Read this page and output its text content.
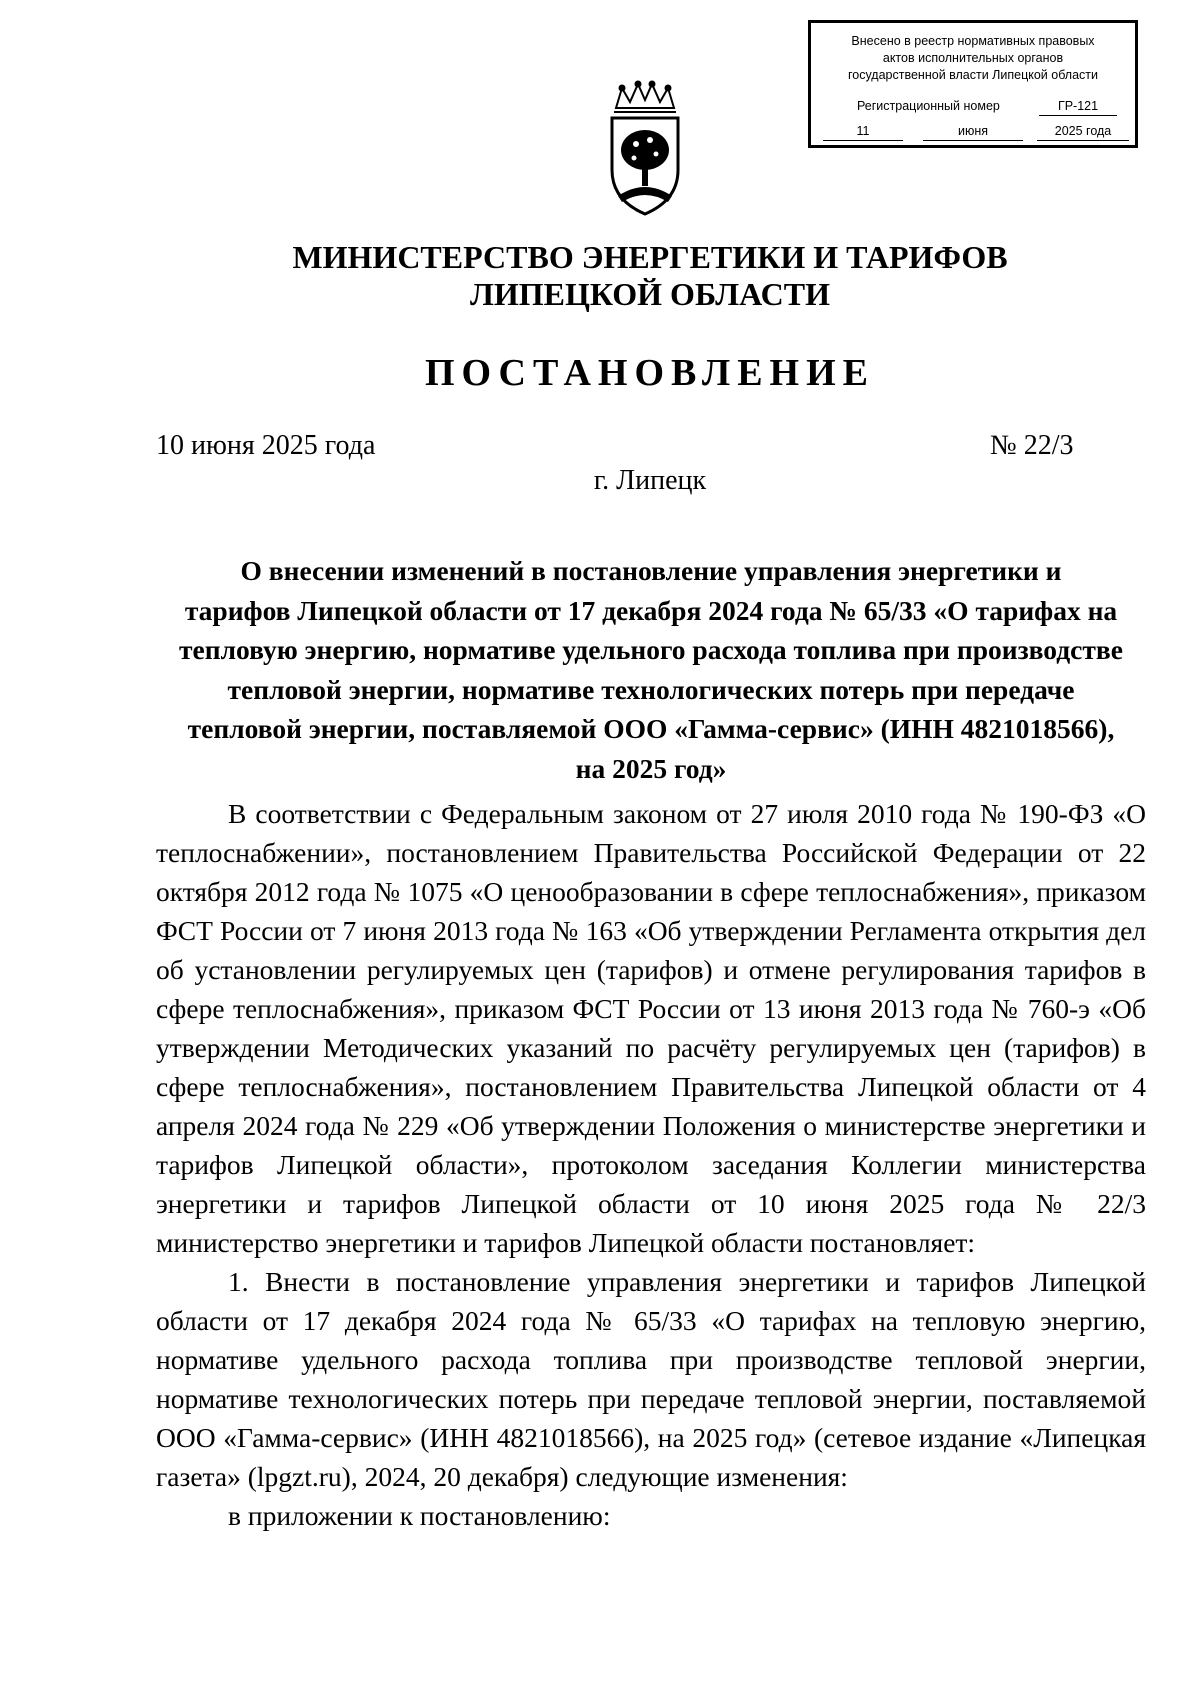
Внесено в реестр нормативных правовых
актов исполнительных органов
государственной власти Липецкой области
Регистрационный номер	ГР-121
11	июня	2025 года
МИНИСТЕРСТВО ЭНЕРГЕТИКИ И ТАРИФОВ
ЛИПЕЦКОЙ ОБЛАСТИ
ПОСТАНОВЛЕНИЕ
10 июня 2025 года	№ 22/3
г. Липецк
О внесении изменений в постановление управления энергетики и
тарифов Липецкой области от 17 декабря 2024 года № 65/33 «О тарифах на
тепловую энергию, нормативе удельного расхода топлива при производстве
тепловой энергии, нормативе технологических потерь при передаче
тепловой энергии, поставляемой ООО «Гамма-сервис» (ИНН 4821018566),
на 2025 год»
В соответствии с Федеральным законом от 27 июля 2010 года № 190-ФЗ «О теплоснабжении», постановлением Правительства Российской Федерации от 22 октября 2012 года № 1075 «О ценообразовании в сфере теплоснабжения», приказом ФСТ России от 7 июня 2013 года № 163 «Об утверждении Регламента открытия дел об установлении регулируемых цен (тарифов) и отмене регулирования тарифов в сфере теплоснабжения», приказом ФСТ России от 13 июня 2013 года № 760-э «Об утверждении Методических указаний по расчёту регулируемых цен (тарифов) в сфере теплоснабжения», постановлением Правительства Липецкой области от 4 апреля 2024 года № 229 «Об утверждении Положения о министерстве энергетики и тарифов Липецкой области», протоколом заседания Коллегии министерства энергетики и тарифов Липецкой области от 10 июня 2025 года № 22/3 министерство энергетики и тарифов Липецкой области постановляет:
1. Внести в постановление управления энергетики и тарифов Липецкой области от 17 декабря 2024 года № 65/33 «О тарифах на тепловую энергию, нормативе удельного расхода топлива при производстве тепловой энергии, нормативе технологических потерь при передаче тепловой энергии, поставляемой ООО «Гамма-сервис» (ИНН 4821018566), на 2025 год» (сетевое издание «Липецкая газета» (lpgzt.ru), 2024, 20 декабря) следующие изменения:
в приложении к постановлению:
